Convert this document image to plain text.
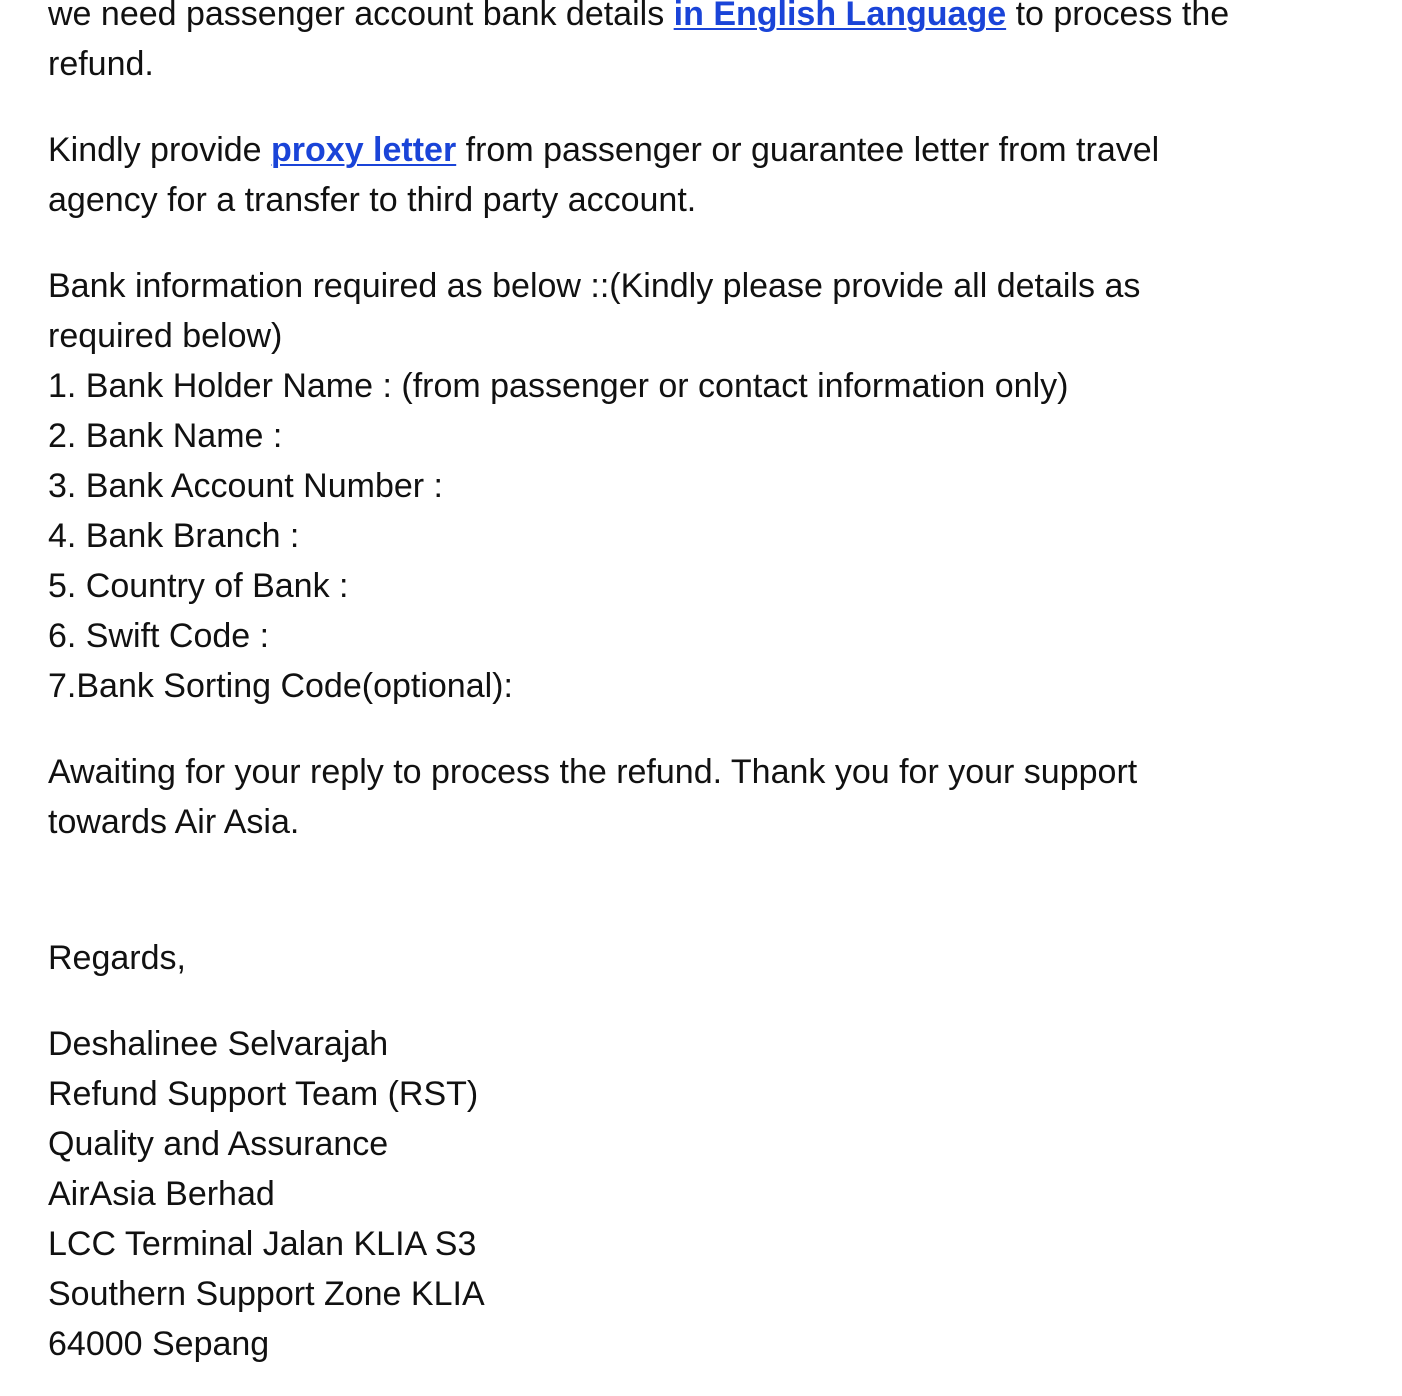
we need passenger account bank details in English Language to process the
refund.

Kindly provide proxy letter from passenger or guarantee letter from travel
agency for a transfer to third party account.

Bank information required as below ::(Kindly please provide all details as
required below)
1. Bank Holder Name : (from passenger or contact information only)
2. Bank Name :
3. Bank Account Number :
4. Bank Branch :
5. Country of Bank :
6. Swift Code :
7.Bank Sorting Code(optional):

Awaiting for your reply to process the refund. Thank you for your support
towards Air Asia.

Regards,

Deshalinee Selvarajah
Refund Support Team (RST)
Quality and Assurance
AirAsia Berhad
LCC Terminal Jalan KLIA S3
Southern Support Zone KLIA
64000 Sepang
